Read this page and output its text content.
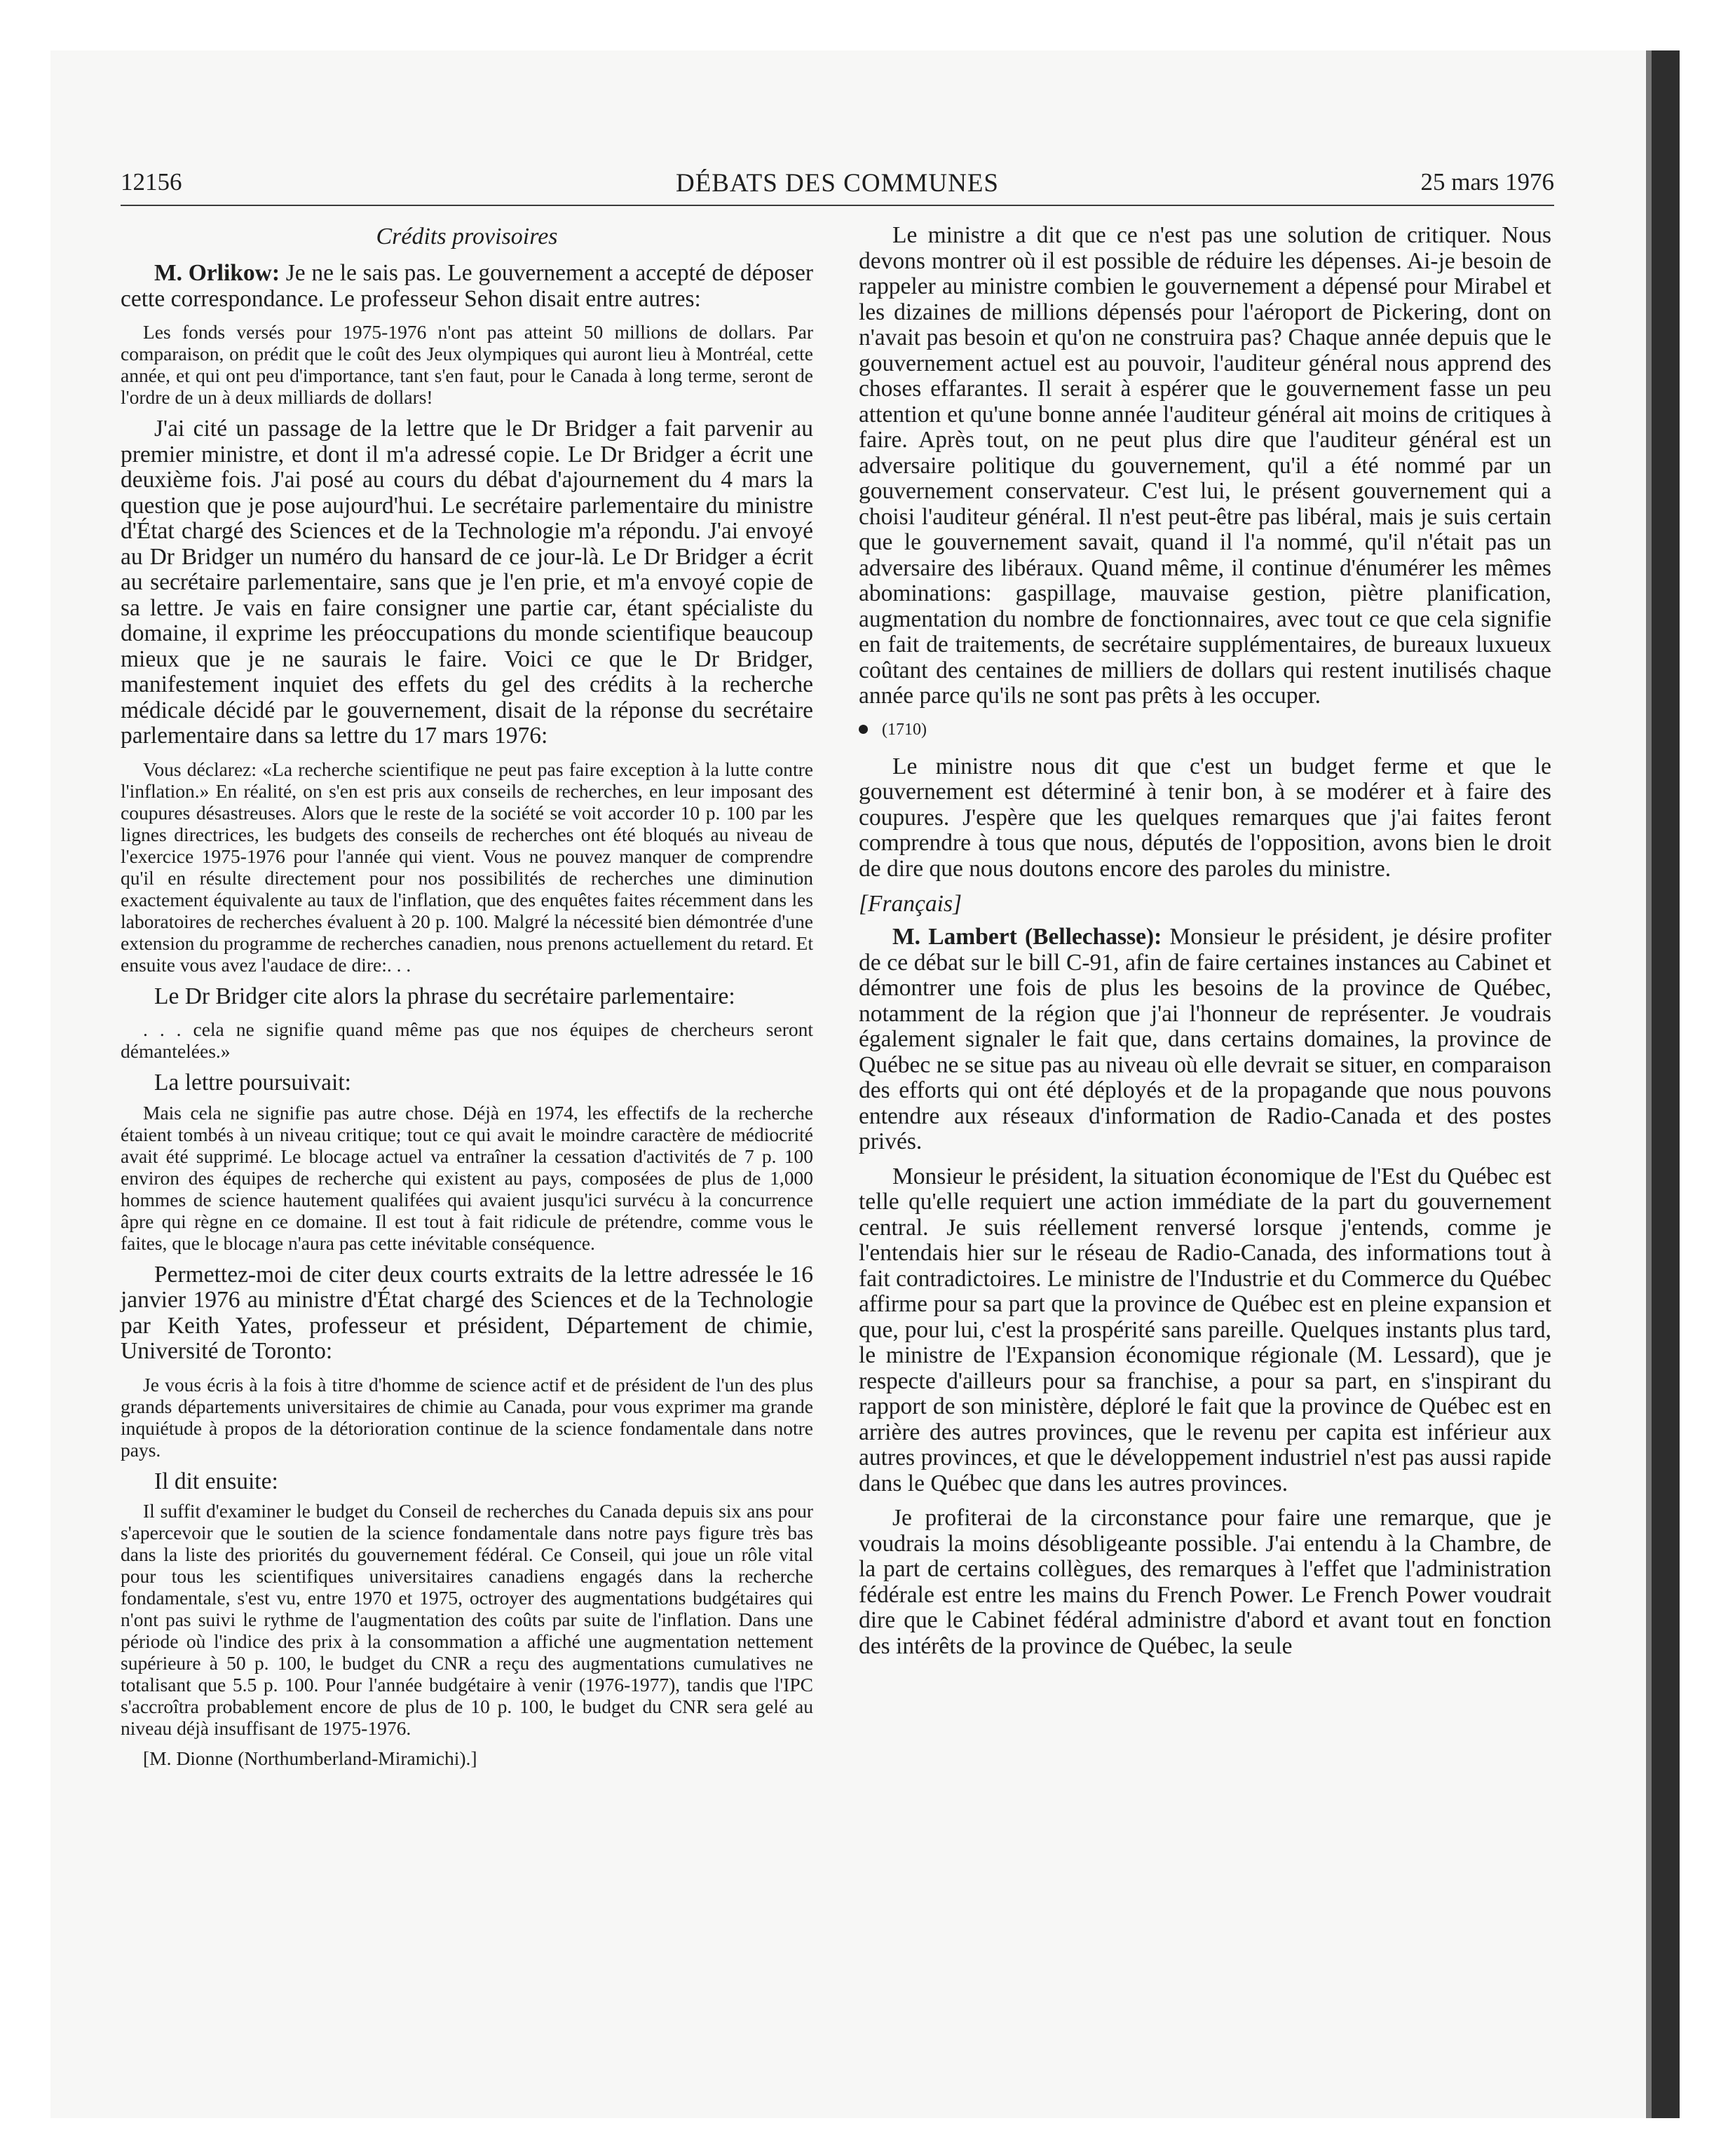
12156	DÉBATS DES COMMUNES	25 mars 1976
Crédits provisoires

M. Orlikow: Je ne le sais pas. Le gouvernement a accepté de déposer cette correspondance. Le professeur Sehon disait entre autres:

Les fonds versés pour 1975-1976 n'ont pas atteint 50 millions de dollars. Par comparaison, on prédit que le coût des Jeux olympiques qui auront lieu à Montréal, cette année, et qui ont peu d'importance, tant s'en faut, pour le Canada à long terme, seront de l'ordre de un à deux milliards de dollars!

J'ai cité un passage de la lettre que le Dr Bridger a fait parvenir au premier ministre, et dont il m'a adressé copie. Le Dr Bridger a écrit une deuxième fois. J'ai posé au cours du débat d'ajournement du 4 mars la question que je pose aujourd'hui. Le secrétaire parlementaire du ministre d'État chargé des Sciences et de la Technologie m'a répondu. J'ai envoyé au Dr Bridger un numéro du hansard de ce jour-là. Le Dr Bridger a écrit au secrétaire parlementaire, sans que je l'en prie, et m'a envoyé copie de sa lettre. Je vais en faire consigner une partie car, étant spécialiste du domaine, il exprime les préoccupations du monde scientifique beaucoup mieux que je ne saurais le faire. Voici ce que le Dr Bridger, manifestement inquiet des effets du gel des crédits à la recherche médicale décidé par le gouvernement, disait de la réponse du secrétaire parlementaire dans sa lettre du 17 mars 1976:

Vous déclarez: «La recherche scientifique ne peut pas faire exception à la lutte contre l'inflation.» En réalité, on s'en est pris aux conseils de recherches, en leur imposant des coupures désastreuses. Alors que le reste de la société se voit accorder 10 p. 100 par les lignes directrices, les budgets des conseils de recherches ont été bloqués au niveau de l'exercice 1975-1976 pour l'année qui vient. Vous ne pouvez manquer de comprendre qu'il en résulte directement pour nos possibilités de recherches une diminution exactement équivalente au taux de l'inflation, que des enquêtes faites récemment dans les laboratoires de recherches évaluent à 20 p. 100. Malgré la nécessité bien démontrée d'une extension du programme de recherches canadien, nous prenons actuellement du retard. Et ensuite vous avez l'audace de dire:. . .

Le Dr Bridger cite alors la phrase du secrétaire parlementaire:

. . . cela ne signifie quand même pas que nos équipes de chercheurs seront démantelées.»

La lettre poursuivait:

Mais cela ne signifie pas autre chose. Déjà en 1974, les effectifs de la recherche étaient tombés à un niveau critique; tout ce qui avait le moindre caractère de médiocrité avait été supprimé. Le blocage actuel va entraîner la cessation d'activités de 7 p. 100 environ des équipes de recherche qui existent au pays, composées de plus de 1,000 hommes de science hautement qualifées qui avaient jusqu'ici survécu à la concurrence âpre qui règne en ce domaine. Il est tout à fait ridicule de prétendre, comme vous le faites, que le blocage n'aura pas cette inévitable conséquence.

Permettez-moi de citer deux courts extraits de la lettre adressée le 16 janvier 1976 au ministre d'État chargé des Sciences et de la Technologie par Keith Yates, professeur et président, Département de chimie, Université de Toronto:

Je vous écris à la fois à titre d'homme de science actif et de président de l'un des plus grands départements universitaires de chimie au Canada, pour vous exprimer ma grande inquiétude à propos de la détorioration continue de la science fondamentale dans notre pays.

Il dit ensuite:

Il suffit d'examiner le budget du Conseil de recherches du Canada depuis six ans pour s'apercevoir que le soutien de la science fondamentale dans notre pays figure très bas dans la liste des priorités du gouvernement fédéral. Ce Conseil, qui joue un rôle vital pour tous les scientifiques universitaires canadiens engagés dans la recherche fondamentale, s'est vu, entre 1970 et 1975, octroyer des augmentations budgétaires qui n'ont pas suivi le rythme de l'augmentation des coûts par suite de l'inflation. Dans une période où l'indice des prix à la consommation a affiché une augmentation nettement supérieure à 50 p. 100, le budget du CNR a reçu des augmentations cumulatives ne totalisant que 5.5 p. 100. Pour l'année budgétaire à venir (1976-1977), tandis que l'IPC s'accroîtra probablement encore de plus de 10 p. 100, le budget du CNR sera gelé au niveau déjà insuffisant de 1975-1976.

[M. Dionne (Northumberland-Miramichi).]

Le ministre a dit que ce n'est pas une solution de critiquer. Nous devons montrer où il est possible de réduire les dépenses. Ai-je besoin de rappeler au ministre combien le gouvernement a dépensé pour Mirabel et les dizaines de millions dépensés pour l'aéroport de Pickering, dont on n'avait pas besoin et qu'on ne construira pas? Chaque année depuis que le gouvernement actuel est au pouvoir, l'auditeur général nous apprend des choses effarantes. Il serait à espérer que le gouvernement fasse un peu attention et qu'une bonne année l'auditeur général ait moins de critiques à faire. Après tout, on ne peut plus dire que l'auditeur général est un adversaire politique du gouvernement, qu'il a été nommé par un gouvernement conservateur. C'est lui, le présent gouvernement qui a choisi l'auditeur général. Il n'est peut-être pas libéral, mais je suis certain que le gouvernement savait, quand il l'a nommé, qu'il n'était pas un adversaire des libéraux. Quand même, il continue d'énumérer les mêmes abominations: gaspillage, mauvaise gestion, piètre planification, augmentation du nombre de fonctionnaires, avec tout ce que cela signifie en fait de traitements, de secrétaire supplémentaires, de bureaux luxueux coûtant des centaines de milliers de dollars qui restent inutilisés chaque année parce qu'ils ne sont pas prêts à les occuper.

(1710)

Le ministre nous dit que c'est un budget ferme et que le gouvernement est déterminé à tenir bon, à se modérer et à faire des coupures. J'espère que les quelques remarques que j'ai faites feront comprendre à tous que nous, députés de l'opposition, avons bien le droit de dire que nous doutons encore des paroles du ministre.

[Français]

M. Lambert (Bellechasse): Monsieur le président, je désire profiter de ce débat sur le bill C-91, afin de faire certaines instances au Cabinet et démontrer une fois de plus les besoins de la province de Québec, notamment de la région que j'ai l'honneur de représenter. Je voudrais également signaler le fait que, dans certains domaines, la province de Québec ne se situe pas au niveau où elle devrait se situer, en comparaison des efforts qui ont été déployés et de la propagande que nous pouvons entendre aux réseaux d'information de Radio-Canada et des postes privés.

Monsieur le président, la situation économique de l'Est du Québec est telle qu'elle requiert une action immédiate de la part du gouvernement central. Je suis réellement renversé lorsque j'entends, comme je l'entendais hier sur le réseau de Radio-Canada, des informations tout à fait contradictoires. Le ministre de l'Industrie et du Commerce du Québec affirme pour sa part que la province de Québec est en pleine expansion et que, pour lui, c'est la prospérité sans pareille. Quelques instants plus tard, le ministre de l'Expansion économique régionale (M. Lessard), que je respecte d'ailleurs pour sa franchise, a pour sa part, en s'inspirant du rapport de son ministère, déploré le fait que la province de Québec est en arrière des autres provinces, que le revenu per capita est inférieur aux autres provinces, et que le développement industriel n'est pas aussi rapide dans le Québec que dans les autres provinces.

Je profiterai de la circonstance pour faire une remarque, que je voudrais la moins désobligeante possible. J'ai entendu à la Chambre, de la part de certains collègues, des remarques à l'effet que l'administration fédérale est entre les mains du French Power. Le French Power voudrait dire que le Cabinet fédéral administre d'abord et avant tout en fonction des intérêts de la province de Québec, la seule
